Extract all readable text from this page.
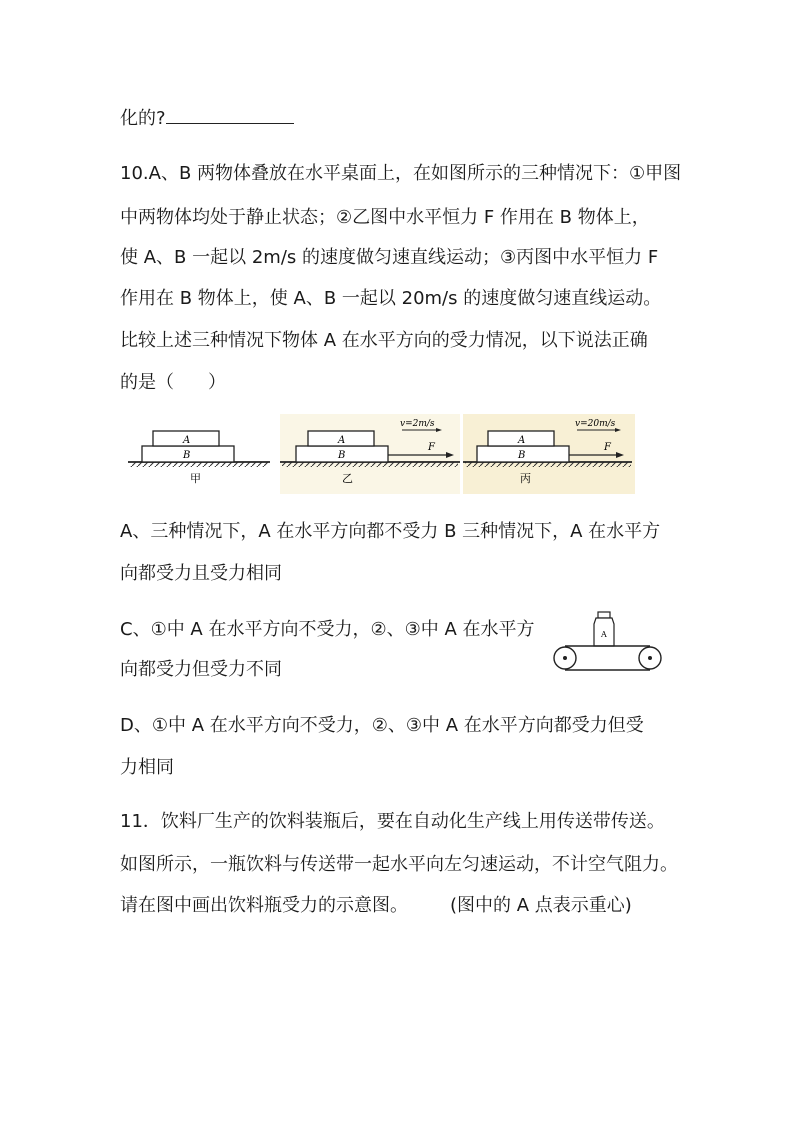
化的?
10.A、B 两物体叠放在水平桌面上，在如图所示的三种情况下：①甲图
中两物体均处于静止状态；②乙图中水平恒力 F 作用在 B 物体上，
使 A、B 一起以 2m/s 的速度做匀速直线运动；③丙图中水平恒力 F
作用在 B 物体上，使 A、B 一起以 20m/s 的速度做匀速直线运动。
比较上述三种情况下物体 A 在水平方向的受力情况，以下说法正确
的是（ ）
A
B
甲
A
B
F
v=2m/s
乙
A
B
F
v=20m/s
丙
A、三种情况下，A 在水平方向都不受力 B 三种情况下，A 在水平方
向都受力且受力相同
C、①中 A 在水平方向不受力，②、③中 A 在水平方
向都受力但受力不同
A
D、①中 A 在水平方向不受力，②、③中 A 在水平方向都受力但受
力相同
11．饮料厂生产的饮料装瓶后，要在自动化生产线上用传送带传送。
如图所示，一瓶饮料与传送带一起水平向左匀速运动，不计空气阻力。
请在图中画出饮料瓶受力的示意图。 (图中的 A 点表示重心)
